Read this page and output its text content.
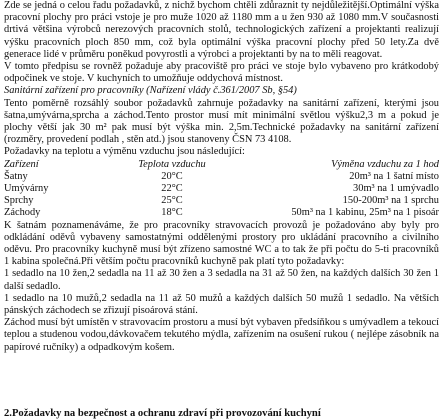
Zde se jedná o celou řadu požadavků, z nichž bychom chtěli zdůraznit ty nejdůležitější.Optimální výška pracovní plochy pro práci vstoje je pro muže 1020 až 1180 mm a u žen 930 až 1080 mm.V současnosti drtivá většina výrobců nerezových pracovních stolů, technologických zařízení a projektanti realizují výšku pracovních ploch 850 mm, což byla optimální výška pracovní plochy před 50 lety.Za dvě generace lidé v průměru poněkud povyrostli a výrobci a projektanti by na to měli reagovat.

V tomto předpisu se rovněž požaduje aby pracoviště pro práci ve stoje bylo vybaveno pro krátkodobý odpočinek ve stoje. V kuchyních to umožňuje oddychová místnost.

Sanitární zařízení pro pracovníky (Nařízení vlády č.361/2007 Sb, §54)

Tento poměrně rozsáhlý soubor požadavků zahrnuje požadavky na sanitární zařízení, kterými jsou šatna,umývárna,sprcha a záchod.Tento prostor musí mít minimální světlou výšku2,3 m a pokud je plochy větší jak 30 m² pak musí být výška min. 2,5m.Technické požadavky na sanitární zařízení (rozměry, provedení podlah , stěn atd.) jsou stanoveny ČSN 73 4108.

Požadavky na teplotu a výměnu vzduchu jsou následující:

Zařízení	Teplota vzduchu	Výměna vzduchu za 1 hod
Šatny	20°C	20m³ na 1 šatní místo
Umývárny	22°C	30m³ na 1 umývadlo
Sprchy	25°C	150-200m³ na 1 sprchu
Záchody	18°C	50m³ na 1 kabinu, 25m³ na 1 pisoár

K šatnám poznamenáváme, že pro pracovníky stravovacích provozů je požadováno aby byly pro odkládání oděvů vybaveny samostatnými oddělenými prostory pro ukládání pracovního a civilního oděvu. Pro pracovníky kuchyně musí být zřízeno samostné WC a to tak že při počtu do 5-ti pracovníků 1 kabina společná.Při větším počtu pracovníků kuchyně pak platí tyto požadavky:

1 sedadlo na 10 žen,2 sedadla na 11 až 30 žen a 3 sedadla na 31 až 50 žen, na každých dalších 30 žen 1 další sedadlo.

1 sedadlo na 10 mužů,2 sedadla na 11 až 50 mužů a každých dalších 50 mužů 1 sedadlo. Na větších pánských záchodech se zřizují pisoárová stání.

Záchod musí být umístěn v stravovacím prostoru a musí být vybaven předsíňkou s umývadlem a tekoucí teplou a studenou vodou,dávkovačem tekutého mýdla, zařízením na osušení rukou ( nejlépe zásobník na papírové ručníky) a odpadkovým košem.

2.Požadavky na bezpečnost a ochranu zdraví při provozování kuchyní
